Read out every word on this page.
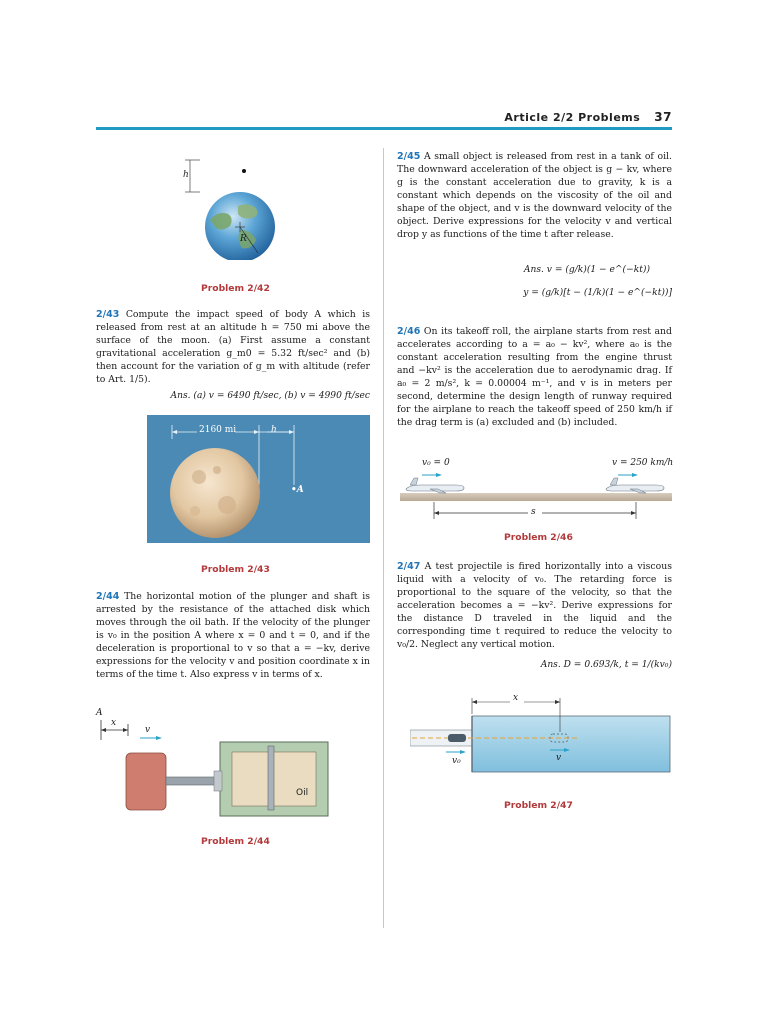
Article 2/2 Problems 37
h
R
Problem 2/42
2/43 Compute the impact speed of body A which is released from rest at an altitude h = 750 mi above the surface of the moon. (a) First assume a constant gravitational acceleration g_m0 = 5.32 ft/sec² and (b) then account for the variation of g_m with altitude (refer to Art. 1/5).
Ans. (a) v = 6490 ft/sec, (b) v = 4990 ft/sec
2160 mi	h
•A
Problem 2/43
2/44 The horizontal motion of the plunger and shaft is arrested by the resistance of the attached disk which moves through the oil bath. If the velocity of the plunger is v₀ in the position A where x = 0 and t = 0, and if the deceleration is proportional to v so that a = −kv, derive expressions for the velocity v and position coordinate x in terms of the time t. Also express v in terms of x.
A
x
v
Oil
Problem 2/44
2/45 A small object is released from rest in a tank of oil. The downward acceleration of the object is g − kv, where g is the constant acceleration due to gravity, k is a constant which depends on the viscosity of the oil and shape of the object, and v is the downward velocity of the object. Derive expressions for the velocity v and vertical drop y as functions of the time t after release.
Ans. v = (g/k)(1 − e^(−kt))
y = (g/k)[t − (1/k)(1 − e^(−kt))]
2/46 On its takeoff roll, the airplane starts from rest and accelerates according to a = a₀ − kv², where a₀ is the constant acceleration resulting from the engine thrust and −kv² is the acceleration due to aerodynamic drag. If a₀ = 2 m/s², k = 0.00004 m⁻¹, and v is in meters per second, determine the design length of runway required for the airplane to reach the takeoff speed of 250 km/h if the drag term is (a) excluded and (b) included.
v₀ = 0	v = 250 km/h
s
Problem 2/46
2/47 A test projectile is fired horizontally into a viscous liquid with a velocity of v₀. The retarding force is proportional to the square of the velocity, so that the acceleration becomes a = −kv². Derive expressions for the distance D traveled in the liquid and the corresponding time t required to reduce the velocity to v₀/2. Neglect any vertical motion.
Ans. D = 0.693/k, t = 1/(kv₀)
x
v₀	v
Problem 2/47
